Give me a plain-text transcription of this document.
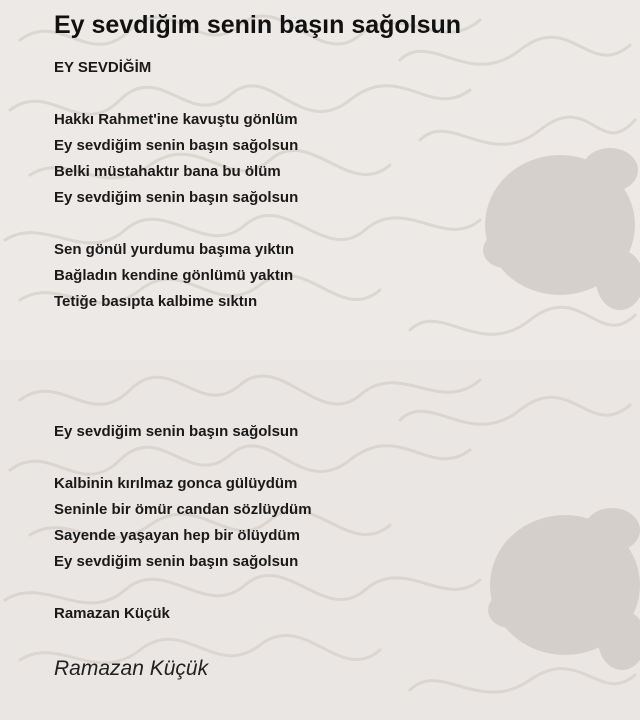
Ey sevdiğim senin başın sağolsun
EY SEVDİĞİM
Hakkı Rahmet'ine kavuştu gönlüm
Ey sevdiğim senin başın sağolsun
Belki müstahaktır bana bu ölüm
Ey sevdiğim senin başın sağolsun
Sen gönül yurdumu başıma yıktın
Bağladın kendine gönlümü yaktın
Tetiğe basıpta kalbime sıktın
Ey sevdiğim senin başın sağolsun
Kalbinin kırılmaz gonca gülüydüm
Seninle bir ömür candan sözlüydüm
Sayende yaşayan hep bir ölüydüm
Ey sevdiğim senin başın sağolsun
Ramazan Küçük
Ramazan Küçük
